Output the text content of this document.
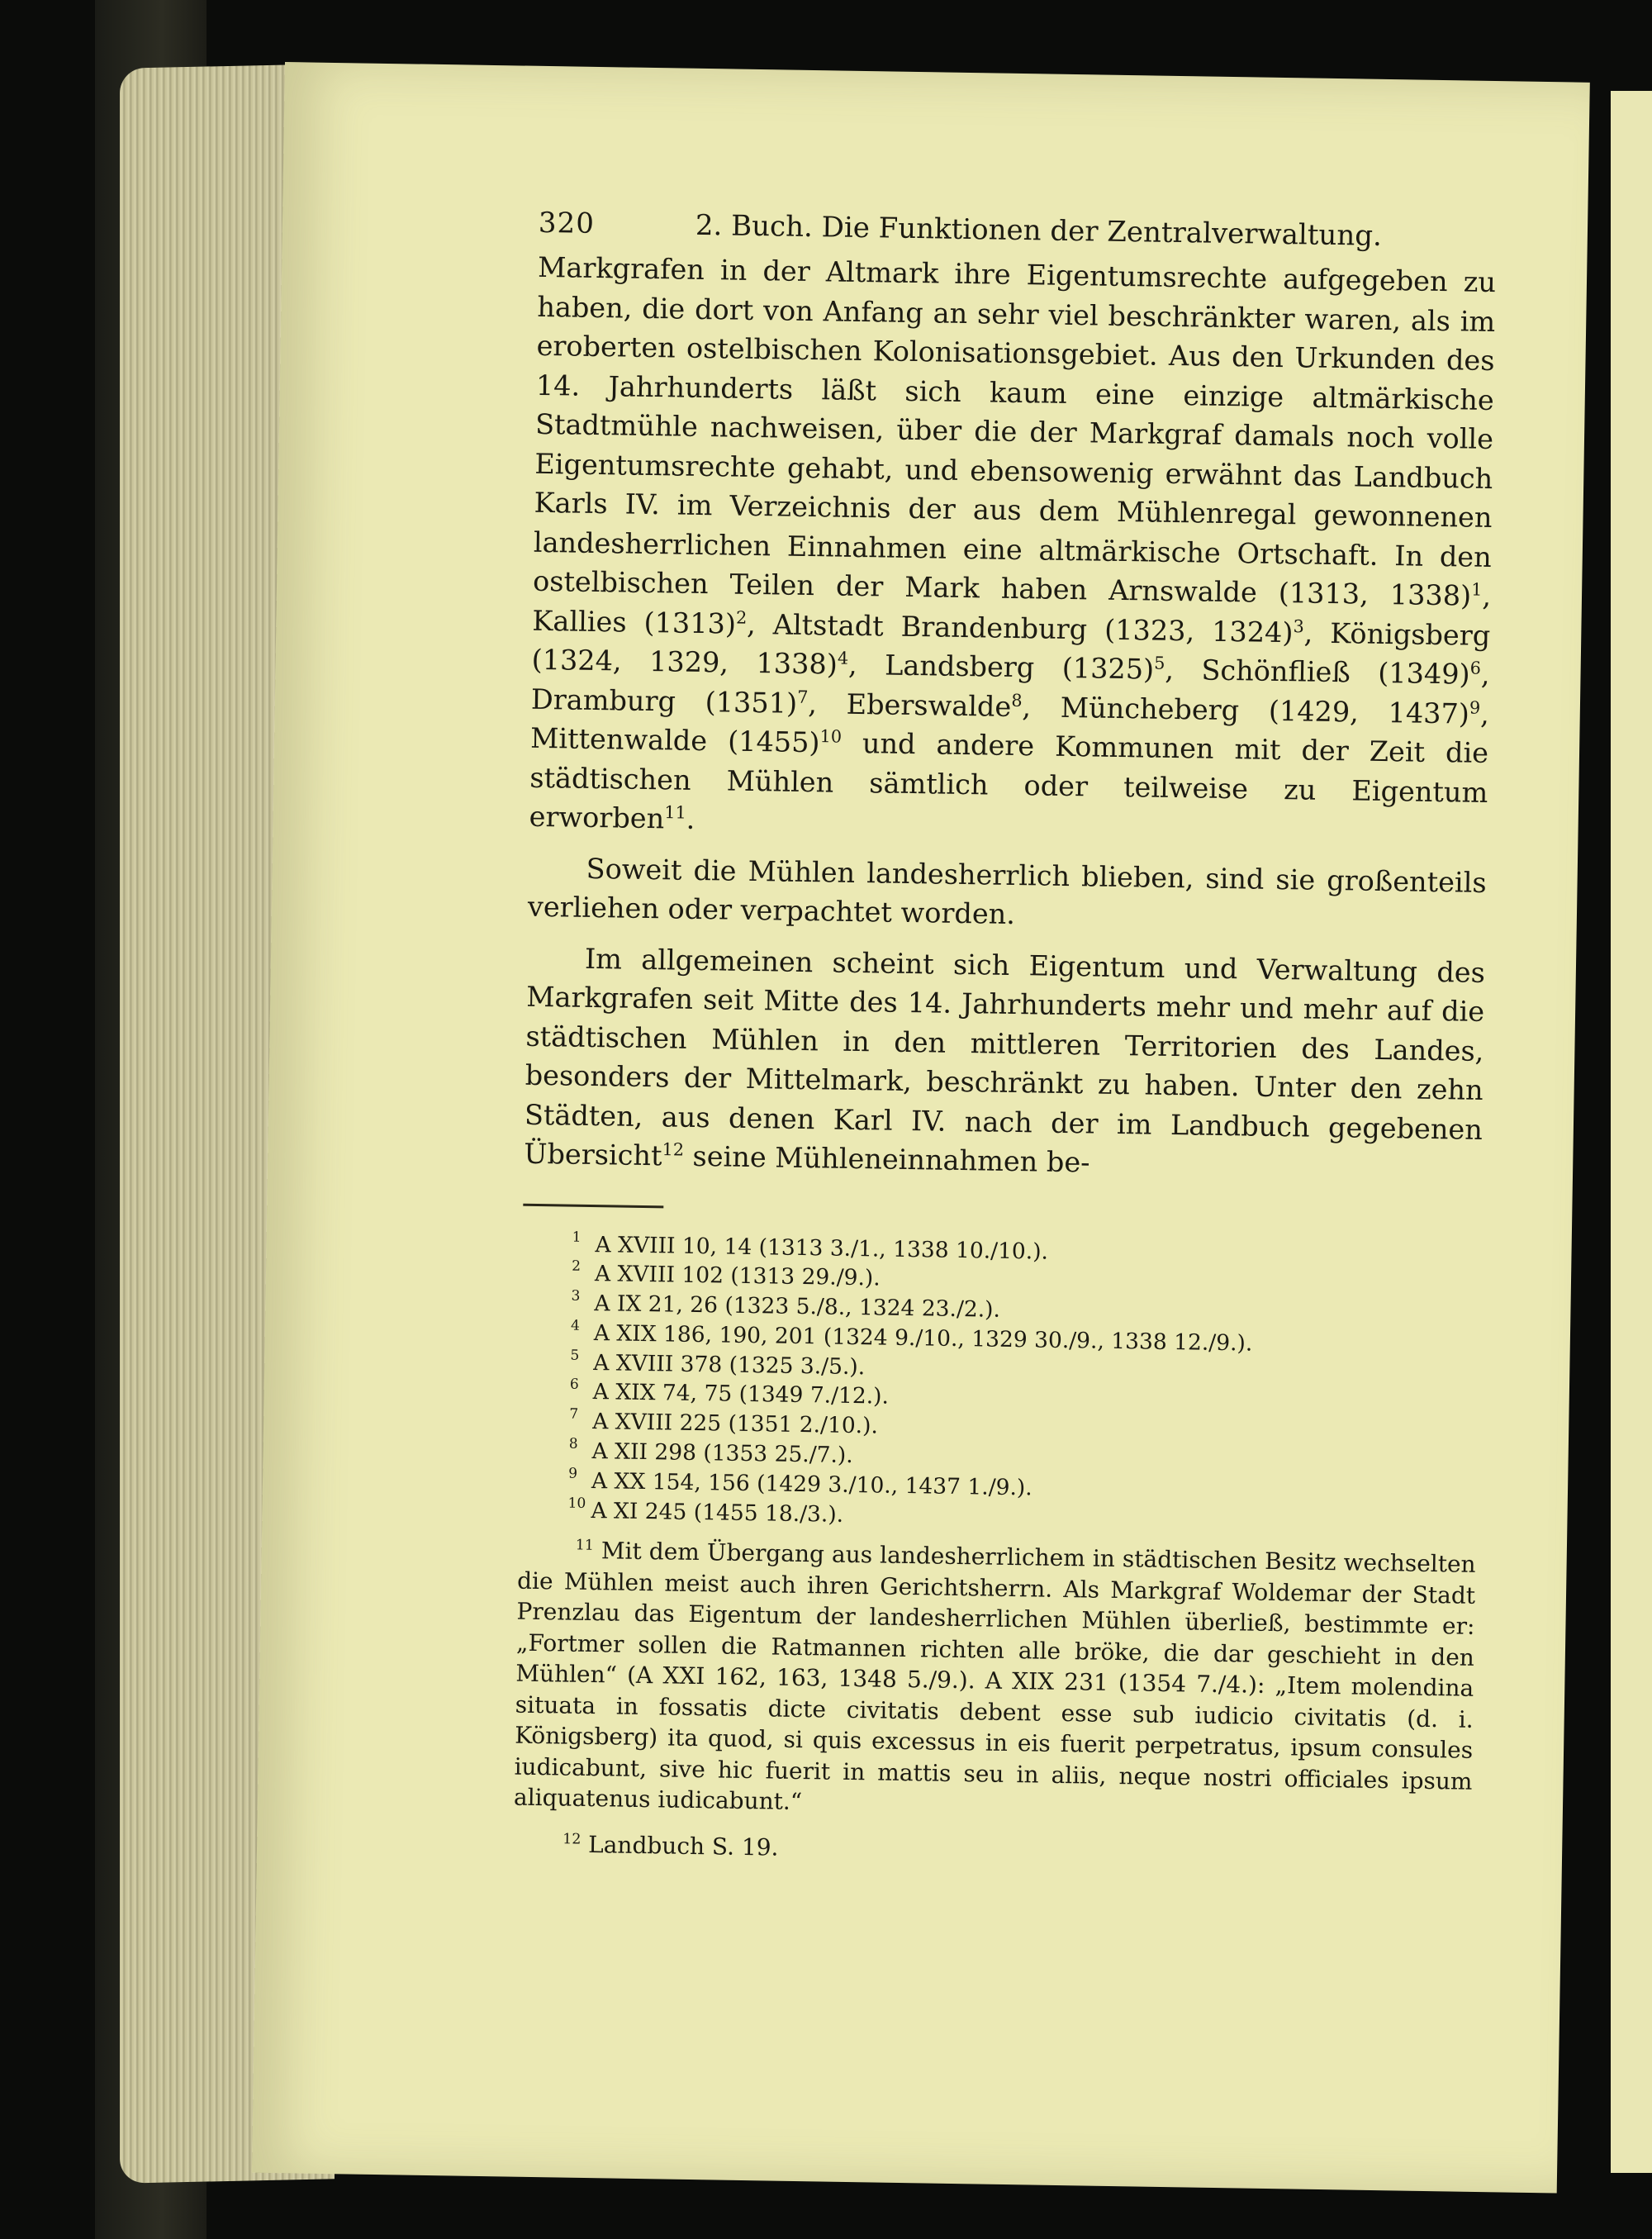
320	2. Buch. Die Funktionen der Zentralverwaltung.

Markgrafen in der Altmark ihre Eigentumsrechte aufgegeben zu haben, die dort von Anfang an sehr viel beschränkter waren, als im eroberten ostelbischen Kolonisationsgebiet. Aus den Urkunden des 14. Jahrhunderts läßt sich kaum eine einzige altmärkische Stadtmühle nachweisen, über die der Markgraf damals noch volle Eigentumsrechte gehabt, und ebensowenig erwähnt das Landbuch Karls IV. im Verzeichnis der aus dem Mühlenregal gewonnenen landesherrlichen Einnahmen eine altmärkische Ortschaft. In den ostelbischen Teilen der Mark haben Arnswalde (1313, 1338)$^1$, Kallies $(1313)^2$, Altstadt Brandenburg (1323, 1324)$^3$, Königsberg (1324, 1329, 1338)$^4$, Landsberg $(1325)^5$, Schönfließ $(1349)^6$, Dramburg $(1351)^7$, Eberswalde$^8$, Müncheberg (1429, 1437)$^9$, Mittenwalde $(1455)^{10}$ und andere Kommunen mit der Zeit die städtischen Mühlen sämtlich oder teilweise zu Eigentum erworben$^{11}$.

Soweit die Mühlen landesherrlich blieben, sind sie großenteils verliehen oder verpachtet worden.

Im allgemeinen scheint sich Eigentum und Verwaltung des Markgrafen seit Mitte des 14. Jahrhunderts mehr und mehr auf die städtischen Mühlen in den mittleren Territorien des Landes, besonders der Mittelmark, beschränkt zu haben. Unter den zehn Städten, aus denen Karl IV. nach der im Landbuch gegebenen Übersicht$^{12}$ seine Mühleneinnahmen be-

1 A XVIII 10, 14 (1313 3./1., 1338 10./10.).
2 A XVIII 102 (1313 29./9.).
3 A IX 21, 26 (1323 5./8., 1324 23./2.).
4 A XIX 186, 190, 201 (1324 9./10., 1329 30./9., 1338 12./9.).
5 A XVIII 378 (1325 3./5.).
6 A XIX 74, 75 (1349 7./12.).
7 A XVIII 225 (1351 2./10.).
8 A XII 298 (1353 25./7.).
9 A XX 154, 156 (1429 3./10., 1437 1./9.).
10 A XI 245 (1455 18./3.).
$^{11}$ Mit dem Übergang aus landesherrlichem in städtischen Besitz wechselten die Mühlen meist auch ihren Gerichtsherrn. Als Markgraf Woldemar der Stadt Prenzlau das Eigentum der landesherrlichen Mühlen überließ, bestimmte er: „Fortmer sollen die Ratmannen richten alle bröke, die dar geschieht in den Mühlen“ (A XXI 162, 163, 1348 5./9.). A XIX 231 (1354 7./4.): „Item molendina situata in fossatis dicte civitatis debent esse sub iudicio civitatis (d. i. Königsberg) ita quod, si quis excessus in eis fuerit perpetratus, ipsum consules iudicabunt, sive hic fuerit in mattis seu in aliis, neque nostri officiales ipsum aliquatenus iudicabunt.“
$^{12}$ Landbuch S. 19.
